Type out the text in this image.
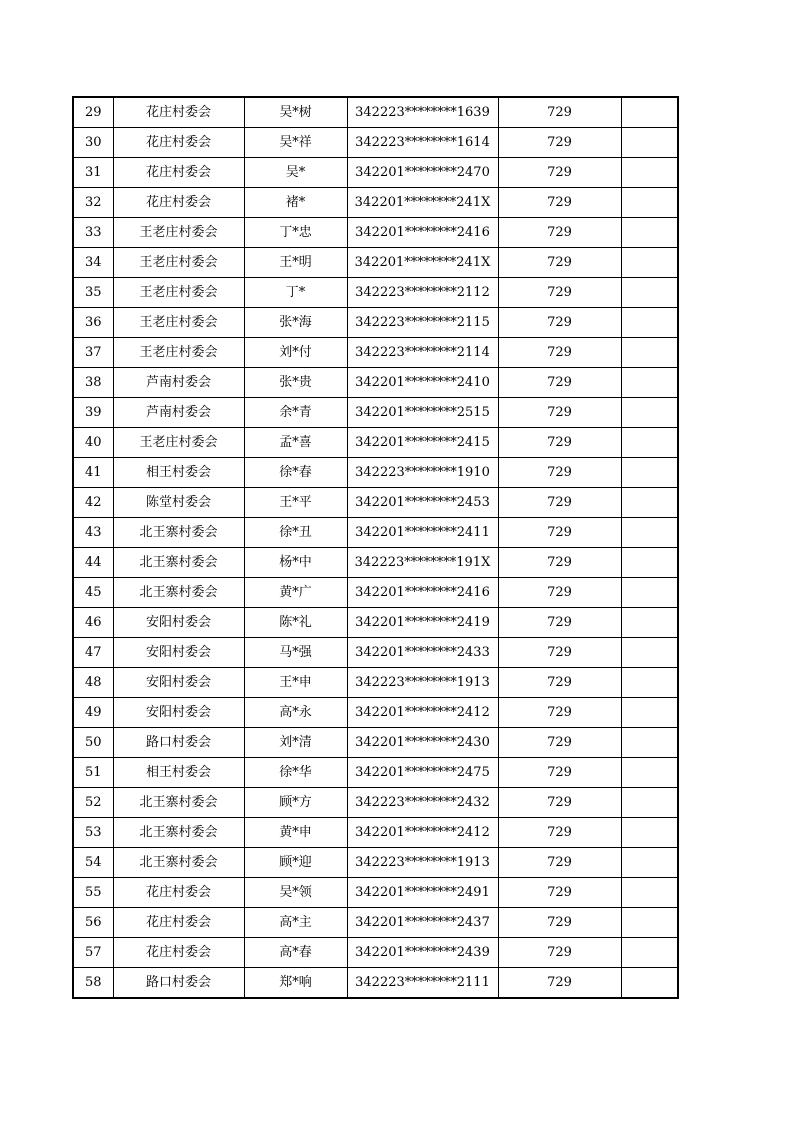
29	花庄村委会	吴*树	342223********1639	729	
30	花庄村委会	吴*祥	342223********1614	729	
31	花庄村委会	吴*	342201********2470	729	
32	花庄村委会	褚*	342201********241X	729	
33	王老庄村委会	丁*忠	342201********2416	729	
34	王老庄村委会	王*明	342201********241X	729	
35	王老庄村委会	丁*	342223********2112	729	
36	王老庄村委会	张*海	342223********2115	729	
37	王老庄村委会	刘*付	342223********2114	729	
38	芦南村委会	张*贵	342201********2410	729	
39	芦南村委会	余*青	342201********2515	729	
40	王老庄村委会	孟*喜	342201********2415	729	
41	相王村委会	徐*春	342223********1910	729	
42	陈堂村委会	王*平	342201********2453	729	
43	北王寨村委会	徐*丑	342201********2411	729	
44	北王寨村委会	杨*中	342223********191X	729	
45	北王寨村委会	黄*广	342201********2416	729	
46	安阳村委会	陈*礼	342201********2419	729	
47	安阳村委会	马*强	342201********2433	729	
48	安阳村委会	王*申	342223********1913	729	
49	安阳村委会	高*永	342201********2412	729	
50	路口村委会	刘*清	342201********2430	729	
51	相王村委会	徐*华	342201********2475	729	
52	北王寨村委会	顾*方	342223********2432	729	
53	北王寨村委会	黄*申	342201********2412	729	
54	北王寨村委会	顾*迎	342223********1913	729	
55	花庄村委会	吴*领	342201********2491	729	
56	花庄村委会	高*主	342201********2437	729	
57	花庄村委会	高*春	342201********2439	729	
58	路口村委会	郑*响	342223********2111	729	
